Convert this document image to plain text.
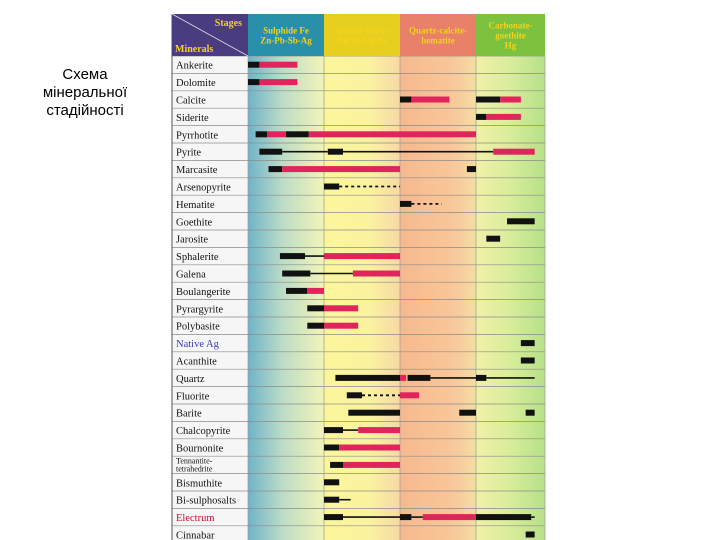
Схема
мінеральної
стадійності
Stages
Minerals
Sulphide Fe
Zn-Pb-Sb-Ag
Quartz-barite
Au-Bi-Cu-As
Quartz-calcite-
hematite
Carbonate-
goethite
Hg
Ankerite
Dolomite
Calcite
Siderite
Pyrrhotite
Pyrite
Marcasite
Arsenopyrite
Hematite
Goethite
Jarosite
Sphalerite
Galena
Boulangerite
Pyrargyrite
Polybasite
Native Ag
Acanthite
Quartz
Fluorite
Barite
Chalcopyrite
Bournonite
Tennantite-
tetrahedrite
Bismuthite
Bi-sulphosalts
Electrum
Cinnabar
